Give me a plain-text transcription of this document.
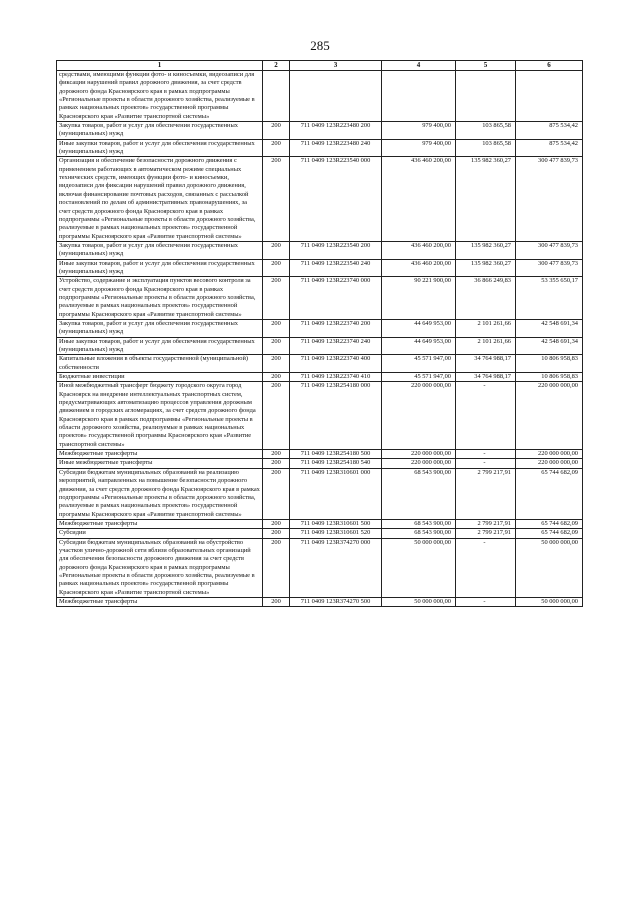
285
1	2	3	4	5	6
средствами, имеющими функции фото- и киносъемки, видеозаписи для фиксации нарушений правил дорожного движения, за счет средств дорожного фонда Красноярского края в рамках подпрограммы «Региональные проекты в области дорожного хозяйства, реализуемые в рамках национальных проектов» государственной программы Красноярского края «Развитие транспортной системы»					
Закупка товаров, работ и услуг для обеспечения государственных (муниципальных) нужд	200	711 0409 123R223480 200	979 400,00	103 865,58	875 534,42
Иные закупки товаров, работ и услуг для обеспечения государственных (муниципальных) нужд	200	711 0409 123R223480 240	979 400,00	103 865,58	875 534,42
Организация и обеспечение безопасности дорожного движения с применением работающих в автоматическом режиме специальных технических средств, имеющих функции фото- и киносъемки, видеозаписи для фиксации нарушений правил дорожного движения, включая финансирование почтовых расходов, связанных с рассылкой постановлений по делам об административных правонарушениях, за счет средств дорожного фонда Красноярского края в рамках подпрограммы «Региональные проекты в области дорожного хозяйства, реализуемые в рамках национальных проектов» государственной программы Красноярского края «Развитие транспортной системы»	200	711 0409 123R223540 000	436 460 200,00	135 982 360,27	300 477 839,73
Закупка товаров, работ и услуг для обеспечения государственных (муниципальных) нужд	200	711 0409 123R223540 200	436 460 200,00	135 982 360,27	300 477 839,73
Иные закупки товаров, работ и услуг для обеспечения государственных (муниципальных) нужд	200	711 0409 123R223540 240	436 460 200,00	135 982 360,27	300 477 839,73
Устройство, содержание и эксплуатация пунктов весового контроля за счет средств дорожного фонда Красноярского края в рамках подпрограммы «Региональные проекты в области дорожного хозяйства, реализуемые в рамках национальных проектов» государственной программы Красноярского края «Развитие транспортной системы»	200	711 0409 123R223740 000	90 221 900,00	36 866 249,83	53 355 650,17
Закупка товаров, работ и услуг для обеспечения государственных (муниципальных) нужд	200	711 0409 123R223740 200	44 649 953,00	2 101 261,66	42 548 691,34
Иные закупки товаров, работ и услуг для обеспечения государственных (муниципальных) нужд	200	711 0409 123R223740 240	44 649 953,00	2 101 261,66	42 548 691,34
Капитальные вложения в объекты государственной (муниципальной) собственности	200	711 0409 123R223740 400	45 571 947,00	34 764 988,17	10 806 958,83
Бюджетные инвестиции	200	711 0409 123R223740 410	45 571 947,00	34 764 988,17	10 806 958,83
Иной межбюджетный трансферт бюджету городского округа город Красноярск на внедрение интеллектуальных транспортных систем, предусматривающих автоматизацию процессов управления дорожным движением в городских агломерациях, за счет средств дорожного фонда Красноярского края в рамках подпрограммы «Региональные проекты в области дорожного хозяйства, реализуемые в рамках национальных проектов» государственной программы Красноярского края «Развитие транспортной системы»	200	711 0409 123R254180 000	220 000 000,00	-	220 000 000,00
Межбюджетные трансферты	200	711 0409 123R254180 500	220 000 000,00	-	220 000 000,00
Иные межбюджетные трансферты	200	711 0409 123R254180 540	220 000 000,00	-	220 000 000,00
Субсидии бюджетам муниципальных образований на реализацию мероприятий, направленных на повышение безопасности дорожного движения, за счет средств дорожного фонда Красноярского края в рамках подпрограммы «Региональные проекты в области дорожного хозяйства, реализуемые в рамках национальных проектов» государственной программы Красноярского края «Развитие транспортной системы»	200	711 0409 123R310601 000	68 543 900,00	2 799 217,91	65 744 682,09
Межбюджетные трансферты	200	711 0409 123R310601 500	68 543 900,00	2 799 217,91	65 744 682,09
Субсидии	200	711 0409 123R310601 520	68 543 900,00	2 799 217,91	65 744 682,09
Субсидии бюджетам муниципальных образований на обустройство участков улично-дорожной сети вблизи образовательных организаций для обеспечения безопасности дорожного движения за счет средств дорожного фонда Красноярского края в рамках подпрограммы «Региональные проекты в области дорожного хозяйства, реализуемые в рамках национальных проектов» государственной программы Красноярского края «Развитие транспортной системы»	200	711 0409 123R374270 000	50 000 000,00	-	50 000 000,00
Межбюджетные трансферты	200	711 0409 123R374270 500	50 000 000,00	-	50 000 000,00
